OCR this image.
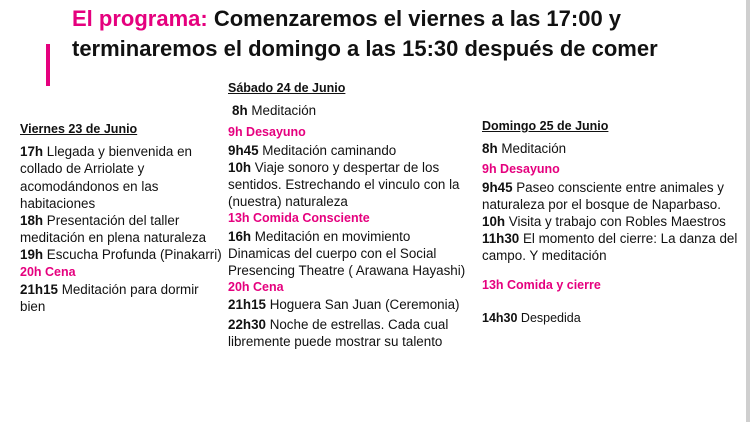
El programa: Comenzaremos el viernes a las 17:00 y
terminaremos el domingo a las 15:30 después de comer

Viernes 23 de Junio

17h Llegada y bienvenida en collado de Arriolate y acomodándonos en las habitaciones

18h Presentación del taller meditación en plena naturaleza

19h Escucha Profunda (Pinakarri)

20h Cena

21h15 Meditación para dormir bien

Sábado 24 de Junio

8h Meditación

9h Desayuno

9h45 Meditación caminando

10h Viaje sonoro y despertar de los sentidos. Estrechando el vinculo con la (nuestra) naturaleza

13h Comida Consciente

16h Meditación en movimiento Dinamicas del cuerpo con el Social Presencing Theatre ( Arawana Hayashi)

20h Cena

21h15 Hoguera San Juan (Ceremonia)

22h30 Noche de estrellas. Cada cual libremente puede mostrar su talento

Domingo 25 de Junio

8h Meditación

9h Desayuno

9h45 Paseo consciente entre animales y naturaleza por el bosque de Naparbaso.

10h Visita y trabajo con Robles Maestros

11h30 El momento del cierre: La danza del campo. Y meditación

13h Comida y cierre

14h30 Despedida
